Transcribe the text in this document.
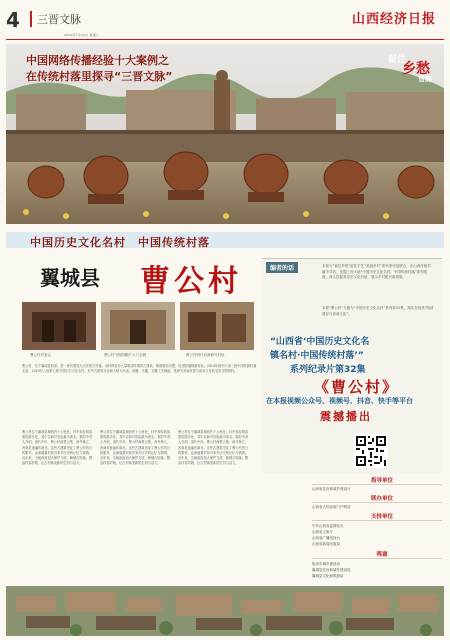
4	三晋文脉
2024年7月24日 星期六
山西经济日报
中国网络传播经验十大案例之
在传统村落里探寻“三晋文脉”
留住
乡愁
晋韵
中国历史文化名村　中国传统村落
翼城县 曹公村
曹公村村委会	曹公村“明清楼院”大门全貌	曹公村明代晋商商号旧址
编者的话	本报与“留住乡愁”留住手艺“美丽乡村”系列采访组联合，在山西传统村落中寻访，发掘三晋大地“中国历史文化名村、中国传统村落”系列报道，深入挖掘其历史文化价值，展示乡村振兴新面貌。
本报“曹公村”专题为“中国历史文化名村”系列第32集，翔实呈现其“明清遗存与晋商文化”。
“山西省‘中国历史文化名
镇名村·中国传统村落’”
系列纪录片第32集
《曹公村》
在本报视频公众号、视频号、抖音、快手等平台
震撼播出
指导单位
山西省住房和城乡建设厅
联办单位
山西省人民政府门户网站
支持单位
中共山西省委网信办
山西省文旅厅
山西省广播电视台
山西省新闻出版局
鸣谢
临汾市城乡建设局
翼城县住房和城乡建设局
翼城县文化和旅游局
曹公村，位于翼城县西部，是一座有着悠久历史的古村落。该村保存有大量明清时期的古建筑，街巷格局完整，民居院落错落有致，2014年被列入第三批中国传统村落名录，2019年入选第七批中国历史文化名村。村中古建筑以晋商大院为代表，砖雕、木雕、石雕工艺精湛，是研究晋南民居与商业文化的宝贵实物资料。
曹公村位于翼城县城西约十公里处，村中现存明清建筑群多处，其中以商号旧址最为著名。据村中老人介绍，清代中叶，曹公村商贾云集，商号林立，晋商足迹遍布南北。这些古建筑见证了曹公村昔日的繁华，也承载着村民对家乡历史的记忆与情感。近年来，当地政府加大保护力度，修缮古院落，整治村容村貌，让古村焕发新的生机与活力。
曹公村位于翼城县城西约十公里处，村中现存明清建筑群多处，其中以商号旧址最为著名。据村中老人介绍，清代中叶，曹公村商贾云集，商号林立，晋商足迹遍布南北。这些古建筑见证了曹公村昔日的繁华，也承载着村民对家乡历史的记忆与情感。近年来，当地政府加大保护力度，修缮古院落，整治村容村貌，让古村焕发新的生机与活力。
曹公村位于翼城县城西约十公里处，村中现存明清建筑群多处，其中以商号旧址最为著名。据村中老人介绍，清代中叶，曹公村商贾云集，商号林立，晋商足迹遍布南北。这些古建筑见证了曹公村昔日的繁华，也承载着村民对家乡历史的记忆与情感。近年来，当地政府加大保护力度，修缮古院落，整治村容村貌，让古村焕发新的生机与活力。
